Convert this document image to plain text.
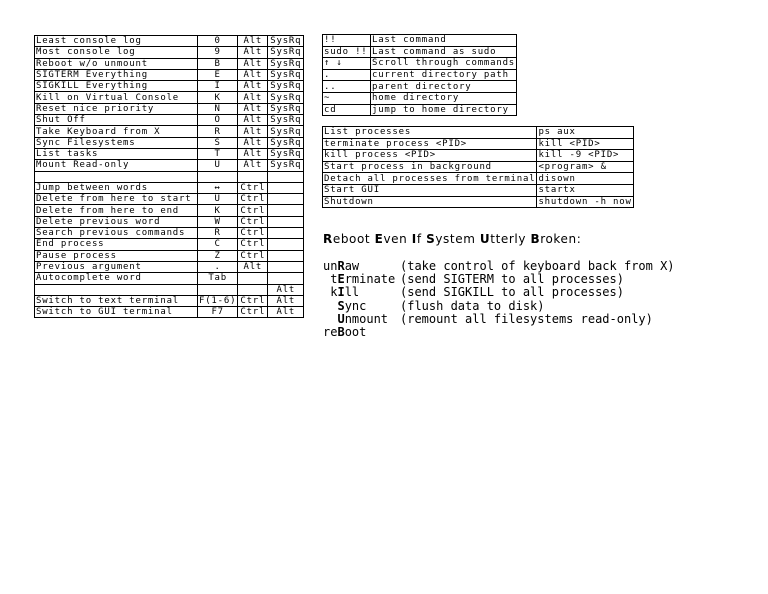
Least console log	0	Alt	SysRq
Most console log	9	Alt	SysRq
Reboot w/o unmount	B	Alt	SysRq
SIGTERM Everything	E	Alt	SysRq
SIGKILL Everything	I	Alt	SysRq
Kill on Virtual Console	K	Alt	SysRq
Reset nice priority	N	Alt	SysRq
Shut Off	O	Alt	SysRq
Take Keyboard from X	R	Alt	SysRq
Sync Filesystems	S	Alt	SysRq
List tasks	T	Alt	SysRq
Mount Read-only	U	Alt	SysRq

Jump between words	↔	Ctrl	
Delete from here to start	U	Ctrl	
Delete from here to end	K	Ctrl	
Delete previous word	W	Ctrl	
Search previous commands	R	Ctrl	
End process	C	Ctrl	
Pause process	Z	Ctrl	
Previous argument	.	Alt	
Autocomplete word	Tab		
			Alt
Switch to text terminal	F(1-6)	Ctrl	Alt
Switch to GUI terminal	F7	Ctrl	Alt
!!	Last command
sudo !!	Last command as sudo
↑ ↓	Scroll through commands
.	current directory path
..	parent directory
~	home directory
cd	jump to home directory
List processes	ps aux
terminate process <PID>	kill <PID>
kill process <PID>	kill -9 <PID>
Start process in background	<program> &
Detach all processes from terminal	disown
Start GUI	startx
Shutdown	shutdown -h now
Reboot Even If System Utterly Broken:
unRaw	(take control of keyboard back from X)
tErminate (send SIGTERM to all processes)
kIll	(send SIGKILL to all processes)
Sync	(flush data to disk)
Unmount (remount all filesystems read-only)
reBoot
